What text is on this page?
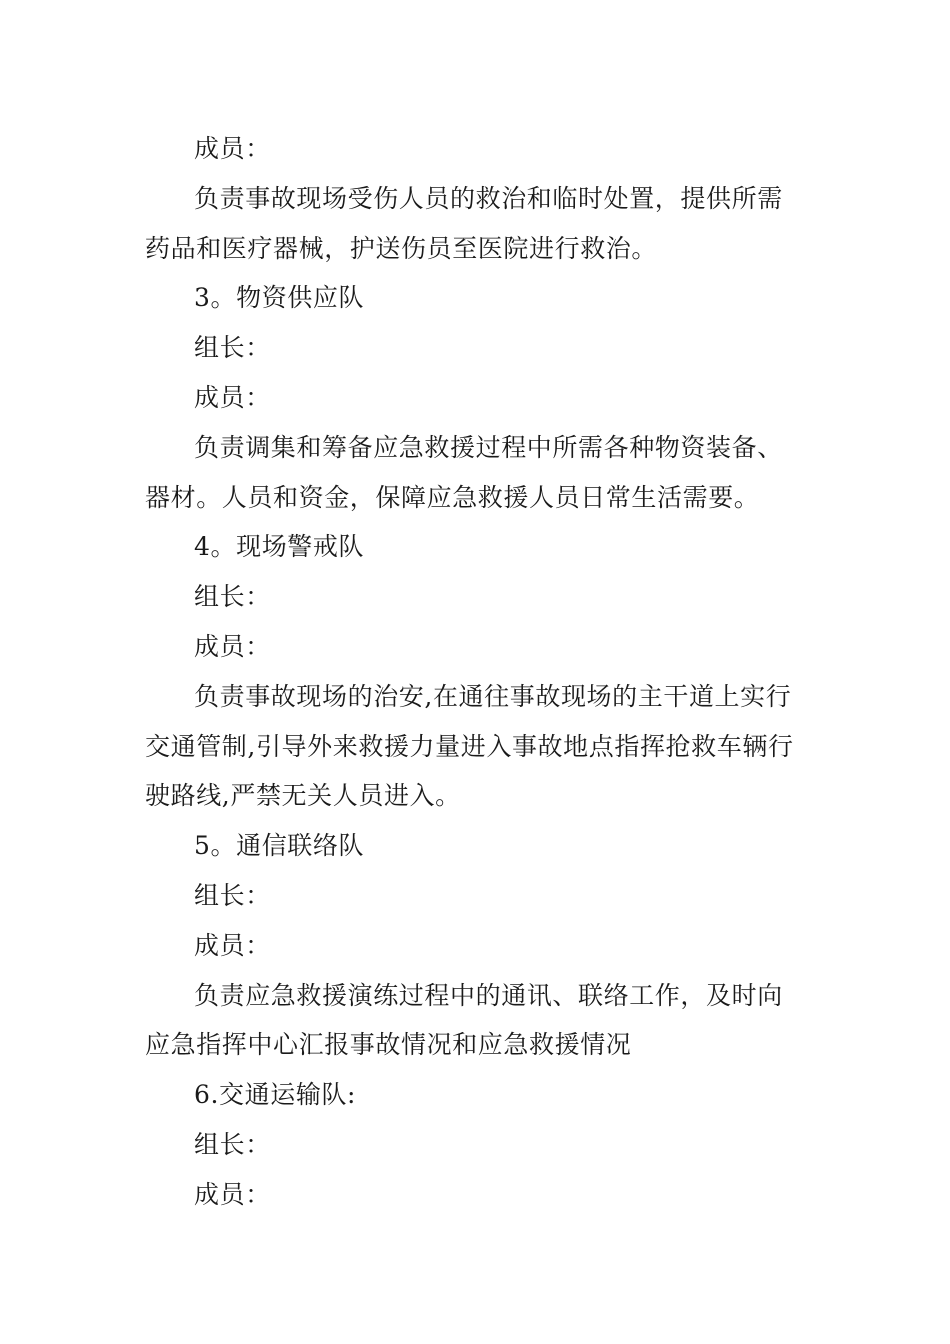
成员：
负责事故现场受伤人员的救治和临时处置，提供所需
药品和医疗器械，护送伤员至医院进行救治。
3。物资供应队
组长：
成员：
负责调集和筹备应急救援过程中所需各种物资装备、
器材。人员和资金，保障应急救援人员日常生活需要。
4。现场警戒队
组长：
成员：
负责事故现场的治安,在通往事故现场的主干道上实行
交通管制,引导外来救援力量进入事故地点指挥抢救车辆行
驶路线,严禁无关人员进入。
5。通信联络队
组长：
成员：
负责应急救援演练过程中的通讯、联络工作，及时向
应急指挥中心汇报事故情况和应急救援情况
6.交通运输队:
组长：
成员：
